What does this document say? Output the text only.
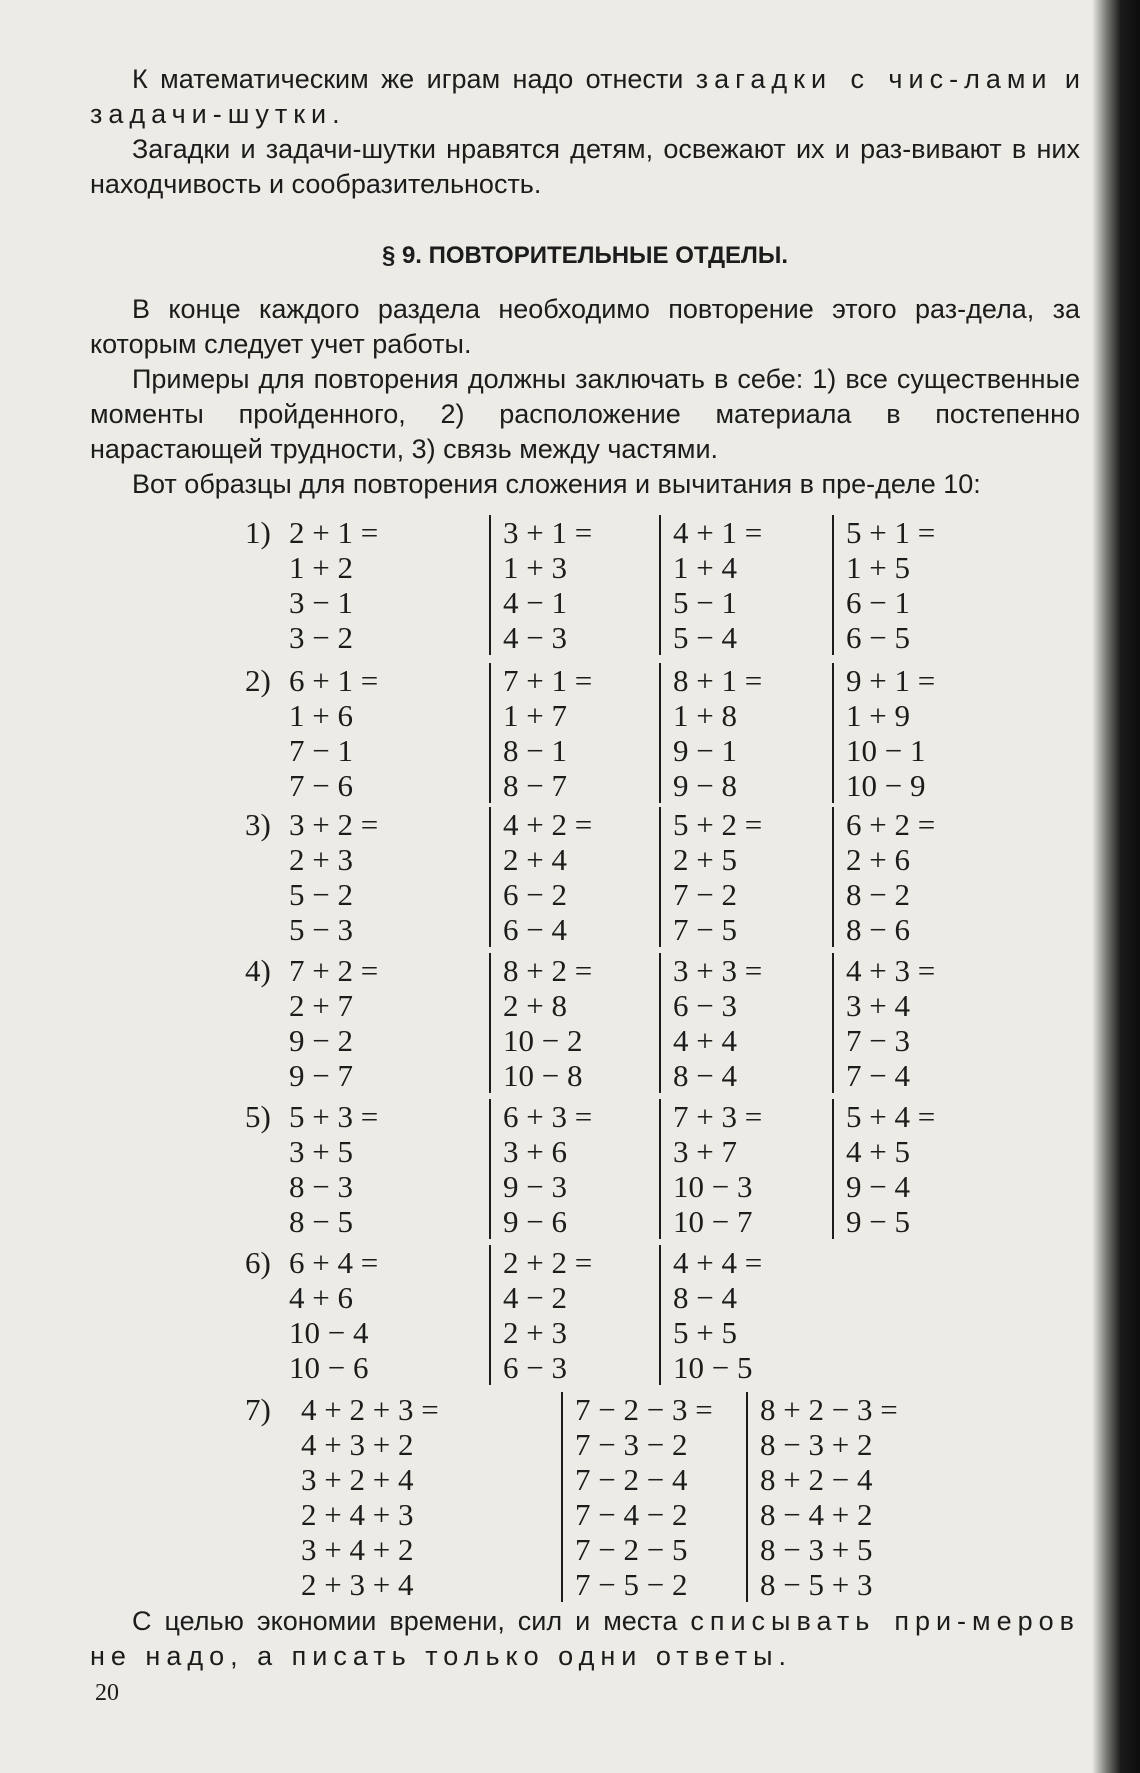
К математическим же играм надо отнести загадки с чис-лами и задачи-шутки.

Загадки и задачи-шутки нравятся детям, освежают их и раз-вивают в них находчивость и сообразительность.

§ 9. ПОВТОРИТЕЛЬНЫЕ ОТДЕЛЫ.

В конце каждого раздела необходимо повторение этого раз-дела, за которым следует учет работы.

Примеры для повторения должны заключать в себе: 1) все существенные моменты пройденного, 2) расположение материала в постепенно нарастающей трудности, 3) связь между частями.

Вот образцы для повторения сложения и вычитания в пре-деле 10:

1) 2 + 1 =
1 + 2
3 − 1
3 − 2
3 + 1 =
1 + 3
4 − 1
4 − 3
4 + 1 =
1 + 4
5 − 1
5 − 4
5 + 1 =
1 + 5
6 − 1
6 − 5
2) 6 + 1 =
1 + 6
7 − 1
7 − 6
7 + 1 =
1 + 7
8 − 1
8 − 7
8 + 1 =
1 + 8
9 − 1
9 − 8
9 + 1 =
1 + 9
10 − 1
10 − 9
3) 3 + 2 =
2 + 3
5 − 2
5 − 3
4 + 2 =
2 + 4
6 − 2
6 − 4
5 + 2 =
2 + 5
7 − 2
7 − 5
6 + 2 =
2 + 6
8 − 2
8 − 6
4) 7 + 2 =
2 + 7
9 − 2
9 − 7
8 + 2 =
2 + 8
10 − 2
10 − 8
3 + 3 =
6 − 3
4 + 4
8 − 4
4 + 3 =
3 + 4
7 − 3
7 − 4
5) 5 + 3 =
3 + 5
8 − 3
8 − 5
6 + 3 =
3 + 6
9 − 3
9 − 6
7 + 3 =
3 + 7
10 − 3
10 − 7
5 + 4 =
4 + 5
9 − 4
9 − 5
6) 6 + 4 =
4 + 6
10 − 4
10 − 6
2 + 2 =
4 − 2
2 + 3
6 − 3
4 + 4 =
8 − 4
5 + 5
10 − 5
7) 4 + 2 + 3 =
4 + 3 + 2
3 + 2 + 4
2 + 4 + 3
3 + 4 + 2
2 + 3 + 4
7 − 2 − 3 =
7 − 3 − 2
7 − 2 − 4
7 − 4 − 2
7 − 2 − 5
7 − 5 − 2
8 + 2 − 3 =
8 − 3 + 2
8 + 2 − 4
8 − 4 + 2
8 − 3 + 5
8 − 5 + 3

С целью экономии времени, сил и места списывать при-меров не надо, а писать только одни ответы.

20
